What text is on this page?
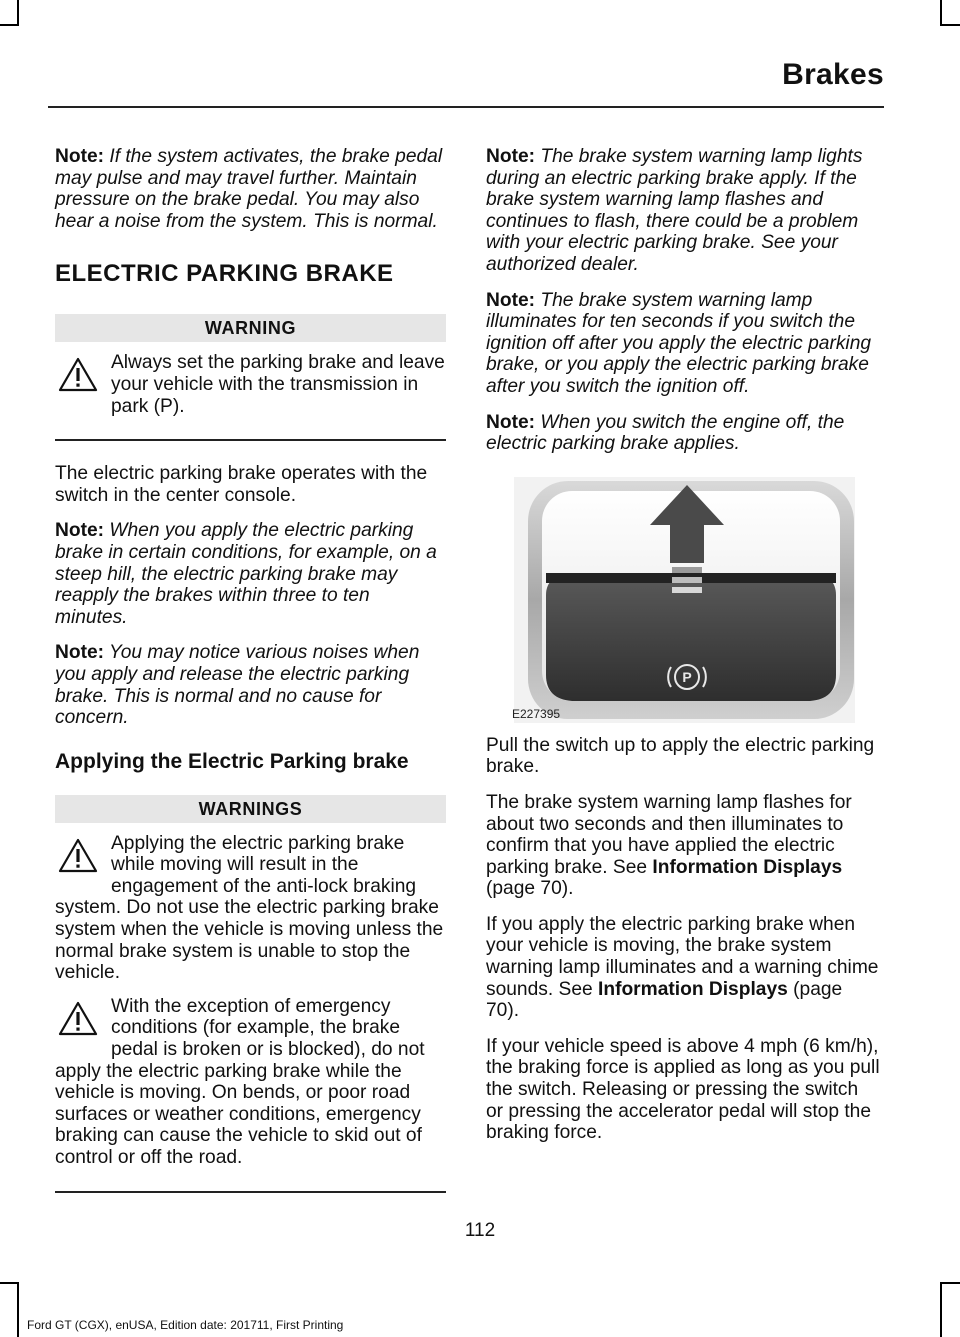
Brakes

Note: If the system activates, the brake pedal may pulse and may travel further. Maintain pressure on the brake pedal. You may also hear a noise from the system. This is normal.

ELECTRIC PARKING BRAKE
WARNING
Always set the parking brake and leave your vehicle with the transmission in park (P).

The electric parking brake operates with the switch in the center console.

Note: When you apply the electric parking brake in certain conditions, for example, on a steep hill, the electric parking brake may reapply the brakes within three to ten minutes.

Note: You may notice various noises when you apply and release the electric parking brake. This is normal and no cause for concern.

Applying the Electric Parking brake
WARNINGS
Applying the electric parking brake while moving will result in the engagement of the anti-lock braking system. Do not use the electric parking brake system when the vehicle is moving unless the normal brake system is unable to stop the vehicle.
With the exception of emergency conditions (for example, the brake pedal is broken or is blocked), do not apply the electric parking brake while the vehicle is moving. On bends, or poor road surfaces or weather conditions, emergency braking can cause the vehicle to skid out of control or off the road.

Note: The brake system warning lamp lights during an electric parking brake apply. If the brake system warning lamp flashes and continues to flash, there could be a problem with your electric parking brake. See your authorized dealer.

Note: The brake system warning lamp illuminates for ten seconds if you switch the ignition off after you apply the electric parking brake, or you apply the electric parking brake after you switch the ignition off.

Note: When you switch the engine off, the electric parking brake applies.

P
E227395

Pull the switch up to apply the electric parking brake.

The brake system warning lamp flashes for about two seconds and then illuminates to confirm that you have applied the electric parking brake. See Information Displays (page 70).

If you apply the electric parking brake when your vehicle is moving, the brake system warning lamp illuminates and a warning chime sounds. See Information Displays (page 70).

If your vehicle speed is above 4 mph (6 km/h), the braking force is applied as long as you pull the switch. Releasing or pressing the switch or pressing the accelerator pedal will stop the braking force.

112
Ford GT (CGX), enUSA, Edition date: 201711, First Printing
